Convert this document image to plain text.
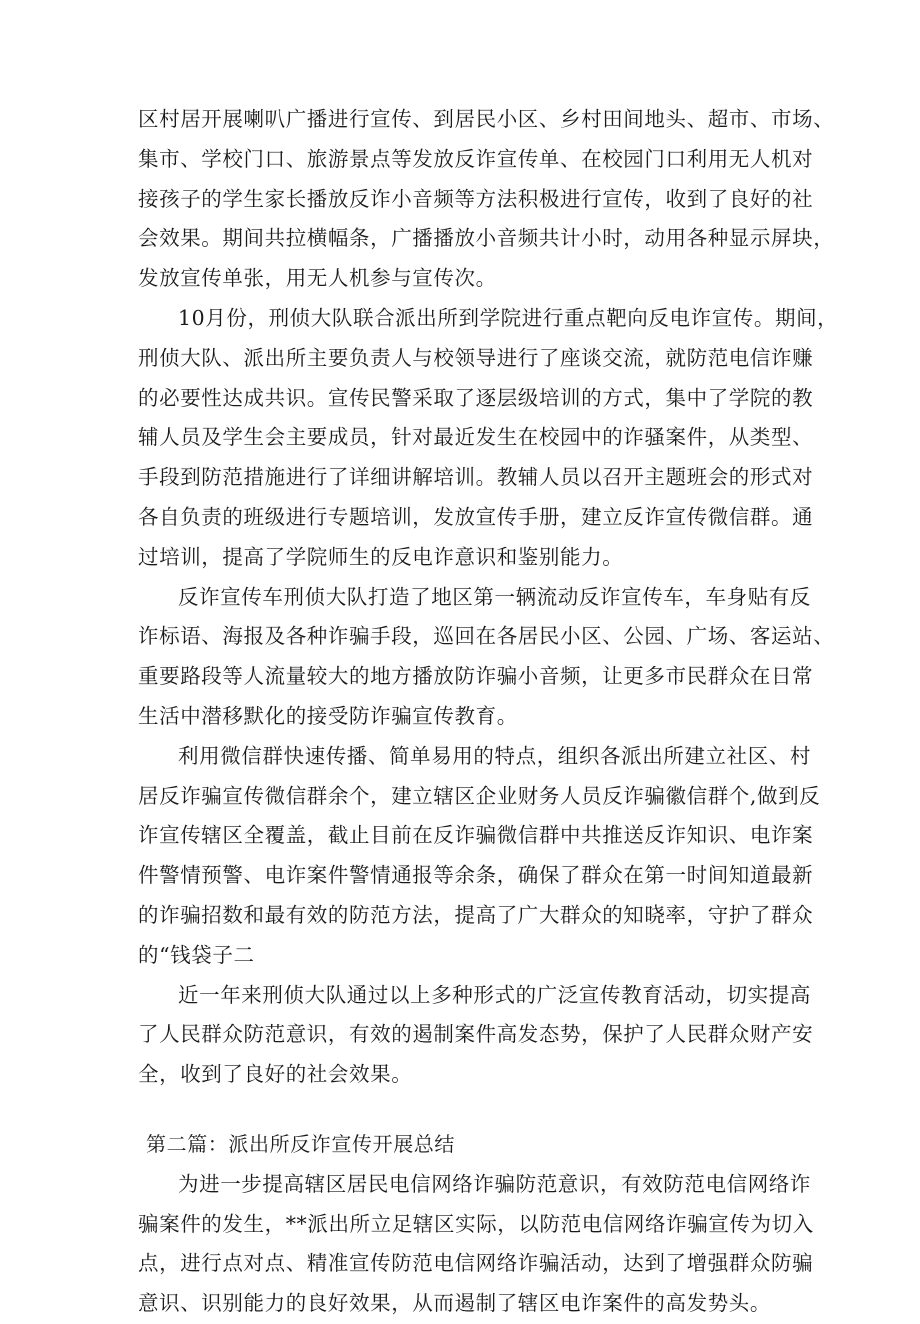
区村居开展喇叭广播进行宣传、到居民小区、乡村田间地头、超市、市场、
集市、学校门口、旅游景点等发放反诈宣传单、在校园门口利用无人机对
接孩子的学生家长播放反诈小音频等方法积极进行宣传，收到了良好的社
会效果。期间共拉横幅条，广播播放小音频共计小时，动用各种显示屏块，
发放宣传单张，用无人机参与宣传次。
10月份，刑侦大队联合派出所到学院进行重点靶向反电诈宣传。期间，
刑侦大队、派出所主要负责人与校领导进行了座谈交流，就防范电信诈赚
的必要性达成共识。宣传民警采取了逐层级培训的方式，集中了学院的教
辅人员及学生会主要成员，针对最近发生在校园中的诈骚案件，从类型、
手段到防范措施进行了详细讲解培训。教辅人员以召开主题班会的形式对
各自负责的班级进行专题培训，发放宣传手册，建立反诈宣传微信群。通
过培训，提高了学院师生的反电诈意识和鉴别能力。
反诈宣传车刑侦大队打造了地区第一辆流动反诈宣传车，车身贴有反
诈标语、海报及各种诈骗手段，巡回在各居民小区、公园、广场、客运站、
重要路段等人流量较大的地方播放防诈骗小音频，让更多市民群众在日常
生活中潜移默化的接受防诈骗宣传教育。
利用微信群快速传播、简单易用的特点，组织各派出所建立社区、村
居反诈骗宣传微信群余个，建立辖区企业财务人员反诈骗徽信群个,做到反
诈宣传辖区全覆盖，截止目前在反诈骗微信群中共推送反诈知识、电诈案
件警情预警、电诈案件警情通报等余条，确保了群众在第一时间知道最新
的诈骗招数和最有效的防范方法，提高了广大群众的知晓率，守护了群众
的“钱袋子二
近一年来刑侦大队通过以上多种形式的广泛宣传教育活动，切实提高
了人民群众防范意识，有效的遏制案件高发态势，保护了人民群众财产安
全，收到了良好的社会效果。
第二篇：派出所反诈宣传开展总结
为进一步提高辖区居民电信网络诈骗防范意识，有效防范电信网络诈
骗案件的发生，**派出所立足辖区实际，以防范电信网络诈骗宣传为切入
点，进行点对点、精准宣传防范电信网络诈骗活动，达到了增强群众防骗
意识、识别能力的良好效果，从而遏制了辖区电诈案件的高发势头。
